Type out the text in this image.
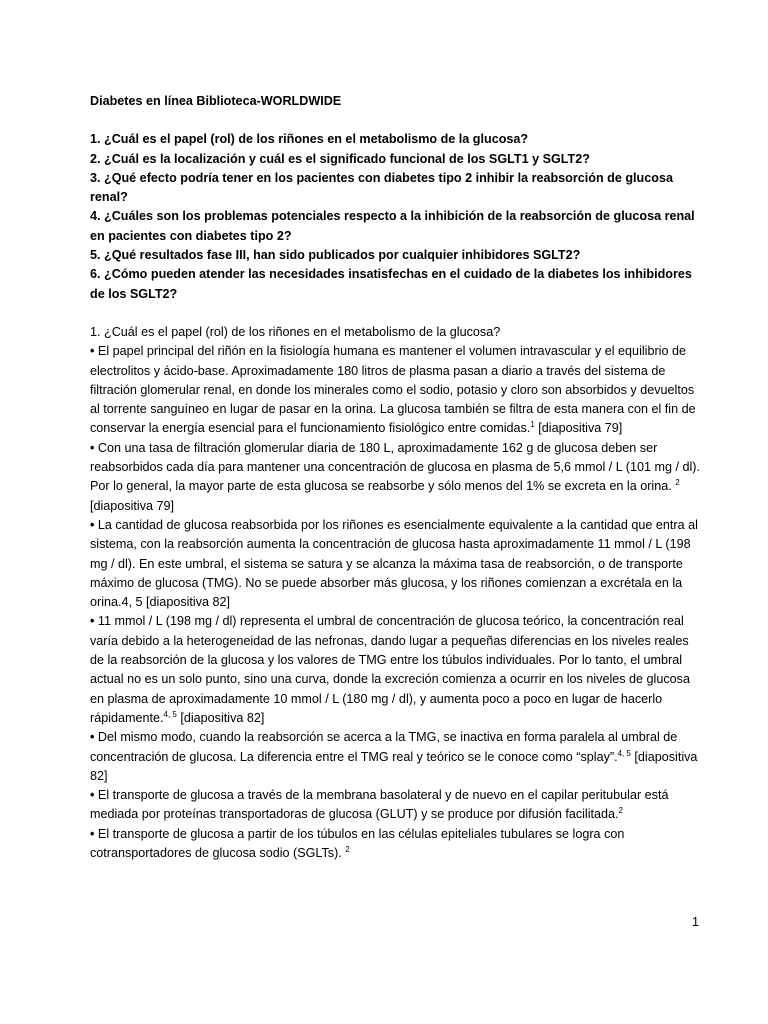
Diabetes en línea Biblioteca-WORLDWIDE

1. ¿Cuál es el papel (rol) de los riñones en el metabolismo de la glucosa?
2. ¿Cuál es la localización y cuál es el significado funcional de los SGLT1 y SGLT2?
3. ¿Qué efecto podría tener en los pacientes con diabetes tipo 2 inhibir la reabsorción de glucosa renal?
4. ¿Cuáles son los problemas potenciales respecto a la inhibición de la reabsorción de glucosa renal en pacientes con diabetes tipo 2?
5. ¿Qué resultados fase III, han sido publicados por cualquier inhibidores SGLT2?
6. ¿Cómo pueden atender las necesidades insatisfechas en el cuidado de la diabetes los inhibidores de los SGLT2?

1. ¿Cuál es el papel (rol) de los riñones en el metabolismo de la glucosa?

• El papel principal del riñón en la fisiología humana es mantener el volumen intravascular y el equilibrio de electrolitos y ácido-base. Aproximadamente 180 litros de plasma pasan a diario a través del sistema de filtración glomerular renal, en donde los minerales como el sodio, potasio y cloro son absorbidos y devueltos al torrente sanguíneo en lugar de pasar en la orina. La glucosa también se filtra de esta manera con el fin de conservar la energía esencial para el funcionamiento fisiológico entre comidas.$^1$ [diapositiva 79]
• Con una tasa de filtración glomerular diaria de 180 L, aproximadamente 162 g de glucosa deben ser reabsorbidos cada día para mantener una concentración de glucosa en plasma de 5,6 mmol / L (101 mg / dl). Por lo general, la mayor parte de esta glucosa se reabsorbe y sólo menos del 1% se excreta en la orina. $^2$ [diapositiva 79]
• La cantidad de glucosa reabsorbida por los riñones es esencialmente equivalente a la cantidad que entra al sistema, con la reabsorción aumenta la concentración de glucosa hasta aproximadamente 11 mmol / L (198 mg / dl). En este umbral, el sistema se satura y se alcanza la máxima tasa de reabsorción, o de transporte máximo de glucosa (TMG). No se puede absorber más glucosa, y los riñones comienzan a excrétala en la orina.4, 5 [diapositiva 82]
• 11 mmol / L (198 mg / dl) representa el umbral de concentración de glucosa teórico, la concentración real varía debido a la heterogeneidad de las nefronas, dando lugar a pequeñas diferencias en los niveles reales de la reabsorción de la glucosa y los valores de TMG entre los túbulos individuales. Por lo tanto, el umbral actual no es un solo punto, sino una curva, donde la excreción comienza a ocurrir en los niveles de glucosa en plasma de aproximadamente 10 mmol / L (180 mg / dl), y aumenta poco a poco en lugar de hacerlo rápidamente.$^{4, 5}$ [diapositiva 82]
• Del mismo modo, cuando la reabsorción se acerca a la TMG, se inactiva en forma paralela al umbral de concentración de glucosa. La diferencia entre el TMG real y teórico se le conoce como “splay”.$^{4, 5}$ [diapositiva 82]
• El transporte de glucosa a través de la membrana basolateral y de nuevo en el capilar peritubular está mediada por proteínas transportadoras de glucosa (GLUT) y se produce por difusión facilitada.$^2$
• El transporte de glucosa a partir de los túbulos en las células epiteliales tubulares se logra con cotransportadores de glucosa sodio (SGLTs). $^2$
1
